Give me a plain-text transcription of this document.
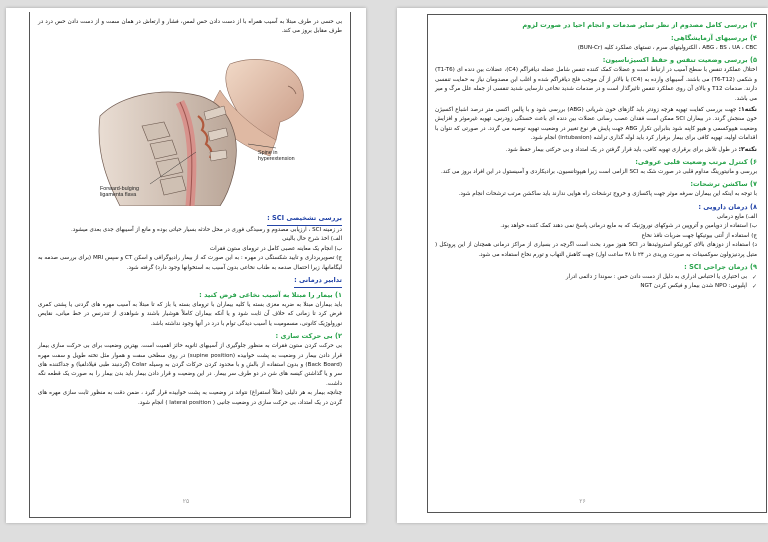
بی حسی در طرف مبتلا به آسیب همراه با از دست دادن حس لمس، فشار و ارتعاش در همان سمت و از دست دادن حس درد در طرف مقابل بروز می کند.

Spine in
hyperextension
Forward-bulging
ligamenta flava

بررسی تشخیصی SCI :

در زمینه SCI ، ارزیابی مصدوم و رسیدگی فوری در محل حادثه بسیار حیاتی بوده و مانع از آسیبهای جدی بعدی میشود.

الف) اخذ شرح حال بالینی

ب) انجام یک معاینه عصبی کامل در ترومای ستون فقرات

ج) تصویربرداری و تایید شکستگی در مهره : به این صورت که از بیمار رادیوگرافی و اسکن CT و سپس MRI (برای بررسی صدمه به لیگامانها، زیرا احتمال صدمه به طناب نخاعی بدون آسیب به استخوانها وجود دارد) گرفته شود.

تدابیر درمانی :

۱) بیمار را مبتلا به آسیب نخاعی فرض کنید :

باید بیماران مبتلا به ضربه مغزی بسته یا کلیه بیماران با ترومای بسته یا باز که تا مبتلا به آسیب مهره های گردنی یا پشتی کمری فرض کرد تا زمانی که خلاف آن ثابت شود و یا آنکه بیماران کاملاً هوشیار باشند و شواهدی از تندرنس در خط میانی، نقایص نورولوژیک کانونی، مسمومیت یا آسیب دیدگی توام با درد در آنها وجود نداشته باشد.

۲) بی حرکت سازی :

بی حرکت کردن ستون فقرات به منظور جلوگیری از آسیبهای ثانویه حائز اهمیت است. بهترین وضعیت برای بی حرکت سازی بیمار قرار دادن بیمار در وضعیت به پشت خوابیده (supine position) در روی سطحی سفت و هموار مثل تخته طویل و سفت مهره (Back Board) و بدون استفاده از بالش و با محدود کردن حرکات گردن به وسیله Colar (گردنبند طبی فیلادلفیا) و جداکننده های سر و یا گذاشتن کیسه های شن در دو طرف سر بیمار. در این وضعیت و قرار دادن بیمار باید بدن بیمار را به صورت یک قطعه نگه داشت.

چنانچه بیمار به هر دلیلی (مثلاً استفراغ) نتواند در وضعیت به پشت خوابیده قرار گیرد ، ضمن دقت به منظور ثابت سازی مهره های گردن در یک امتداد، بی حرکت سازی در وضعیت جانبی ( lateral position ) انجام شود.

۲۵

۳) بررسی کامل مصدوم از نظر سایر صدمات و انجام احیا در صورت لزوم

۴) بررسیهای آزمایشگاهی:

ABG ، BS ، UA ، CBC ، الکترولیتهای سرم ، تستهای عملکرد کلیه (BUN-Cr)

۵) بررسی وضعیت تنفس و حفظ اکسیژناسیون:

اختلال عملکرد تنفس با سطح آسیب در ارتباط است و عضلات کمک کننده تنفس شامل عضله دیافراگم (C4)، عضلات بین دنده ای (T1-T6) و شکمی (T6-T12) می باشند. آسیبهای وارده به (C4) یا بالاتر از آن موجب فلج دیافراگم شده و اغلب این مصدومان نیاز به حمایت تنفسی دارند. صدمات T12 و بالای آن روی عملکرد تنفس تاثیرگذار است و در صدمات شدید نخاعی نارسایی شدید تنفسی از جمله علل مرگ و میر می باشد.

نکته۱: جهت بررسی کفایت تهویه هرچه زودتر باید گازهای خون شریانی (ABG) بررسی شود و با پالس اکسی متر درصد اشباع اکسیژن خون سنجش گردد. در بیماران SCI ممکن است فقدان عصب رسانی عضلات بین دنده ای باعث خستگی زودرس، تهویه غیرموثر و افزایش وضعیت هیپوکسمی و هیپو کاپنه شود بنابراین تکرار ABG جهت پایش هر نوع تغییر در وضعیت تهویه توصیه می گردد. در صورتی که نتوان با اقدامات اولیه، تهویه کافی برای بیمار برقرار کرد باید لوله گذاری تراشه (intubasion) انجام شود.

نکته۲: در طول تلاش برای برقراری تهویه کافی، باید قرار گرفتن در یک امتداد و بی حرکتی بیمار حفظ شود.

۶) کنترل مرتب وضعیت قلبی عروقی:

بررسی و مانیتورینگ مداوم قلبی در صورت شک به SCI الزامی است زیرا هیپوتانسیون، برادیکاردی و آسیستول در این افراد بروز می کند.

۷) ساکشن ترشحات:

با توجه به اینکه این بیماران سرفه موثر جهت پاکسازی و خروج ترشحات راه هوایی ندارند باید ساکشن مرتب ترشحات انجام شود.

۸) درمان دارویی :

الف) مایع درمانی

ب) استفاده از دوپامین و آتروپین در شوکهای نوروژنیک که به مایع درمانی پاسخ نمی دهند کمک کننده خواهد بود.

ج) استفاده از آنتی بیوتیکها جهت ضربات نافذ نخاع

د) استفاده از دوزهای بالای کورتیکو استروئیدها در SCI هنوز مورد بحث است اگرچه در بسیاری از مراکز درمانی همچنان از این پروتکل ( متیل پردنیزولون سوکسینات به صورت وریدی در ۲۴ تا ۴۸ ساعت اول) جهت کاهش التهاب و تورم نخاع استفاده می شود.

۹) درمان جراحی SCI :

✓ بی اختیاری یا احتباس ادراری به دلیل از دست دادن حس : سوندا ژ دائمی ادرار

✓ اپلیوس: NPO شدن بیمار و فیکس کردن NGT

۲۶
